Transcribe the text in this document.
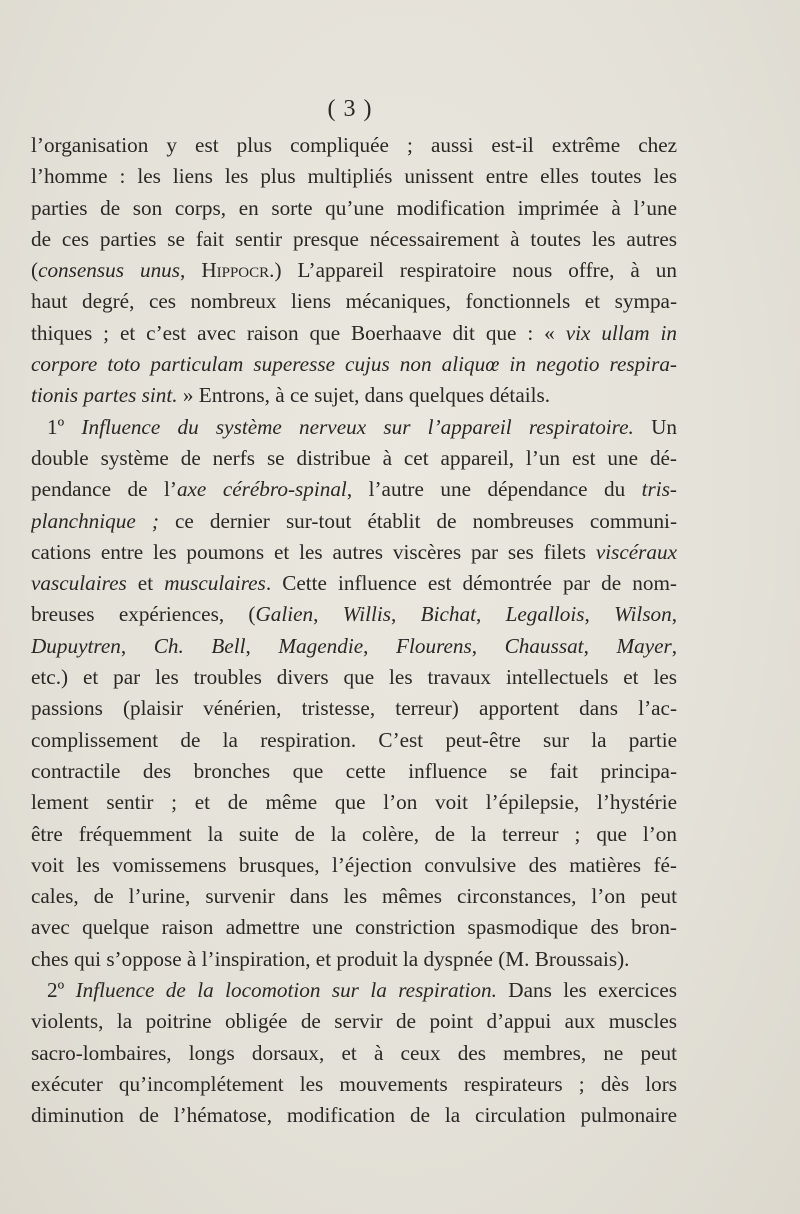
( 3 )
l’organisation y est plus compliquée ; aussi est-il extrême chez
l’homme : les liens les plus multipliés unissent entre elles toutes les
parties de son corps, en sorte qu’une modification imprimée à l’une
de ces parties se fait sentir presque nécessairement à toutes les autres
(consensus unus, Hippocr.) L’appareil respiratoire nous offre, à un
haut degré, ces nombreux liens mécaniques, fonctionnels et sympa-
thiques ; et c’est avec raison que Boerhaave dit que : « vix ullam in
corpore toto particulam superesse cujus non aliquœ in negotio respira-
tionis partes sint. » Entrons, à ce sujet, dans quelques détails.
1º Influence du système nerveux sur l’appareil respiratoire. Un
double système de nerfs se distribue à cet appareil, l’un est une dé-
pendance de l’axe cérébro-spinal, l’autre une dépendance du tris-
planchnique ; ce dernier sur-tout établit de nombreuses communi-
cations entre les poumons et les autres viscères par ses filets viscéraux
vasculaires et musculaires. Cette influence est démontrée par de nom-
breuses expériences, (Galien, Willis, Bichat, Legallois, Wilson,
Dupuytren, Ch. Bell, Magendie, Flourens, Chaussat, Mayer,
etc.) et par les troubles divers que les travaux intellectuels et les
passions (plaisir vénérien, tristesse, terreur) apportent dans l’ac-
complissement de la respiration. C’est peut-être sur la partie
contractile des bronches que cette influence se fait principa-
lement sentir ; et de même que l’on voit l’épilepsie, l’hystérie
être fréquemment la suite de la colère, de la terreur ; que l’on
voit les vomissemens brusques, l’éjection convulsive des matières fé-
cales, de l’urine, survenir dans les mêmes circonstances, l’on peut
avec quelque raison admettre une constriction spasmodique des bron-
ches qui s’oppose à l’inspiration, et produit la dyspnée (M. Broussais).
2º Influence de la locomotion sur la respiration. Dans les exercices
violents, la poitrine obligée de servir de point d’appui aux muscles
sacro-lombaires, longs dorsaux, et à ceux des membres, ne peut
exécuter qu’incomplétement les mouvements respirateurs ; dès lors
diminution de l’hématose, modification de la circulation pulmonaire
